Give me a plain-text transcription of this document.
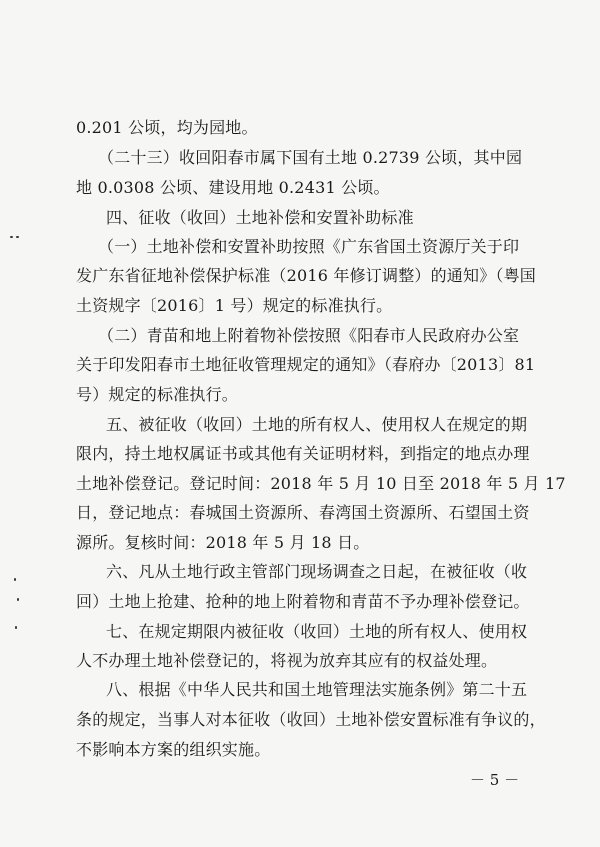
0.201 公顷，均为园地。
（二十三）收回阳春市属下国有土地 0.2739 公顷，其中园
地 0.0308 公顷、建设用地 0.2431 公顷。
四、征收（收回）土地补偿和安置补助标准
（一）土地补偿和安置补助按照《广东省国土资源厅关于印
发广东省征地补偿保护标准（2016 年修订调整）的通知》（粤国
土资规字〔2016〕1 号）规定的标准执行。
（二）青苗和地上附着物补偿按照《阳春市人民政府办公室
关于印发阳春市土地征收管理规定的通知》（春府办〔2013〕81
号）规定的标准执行。
五、被征收（收回）土地的所有权人、使用权人在规定的期
限内，持土地权属证书或其他有关证明材料，到指定的地点办理
土地补偿登记。登记时间：2018 年 5 月 10 日至 2018 年 5 月 17
日，登记地点：春城国土资源所、春湾国土资源所、石望国土资
源所。复核时间：2018 年 5 月 18 日。
六、凡从土地行政主管部门现场调查之日起，在被征收（收
回）土地上抢建、抢种的地上附着物和青苗不予办理补偿登记。
七、在规定期限内被征收（收回）土地的所有权人、使用权
人不办理土地补偿登记的，将视为放弃其应有的权益处理。
八、根据《中华人民共和国土地管理法实施条例》第二十五
条的规定，当事人对本征收（收回）土地补偿安置标准有争议的，
不影响本方案的组织实施。
－ 5 －
